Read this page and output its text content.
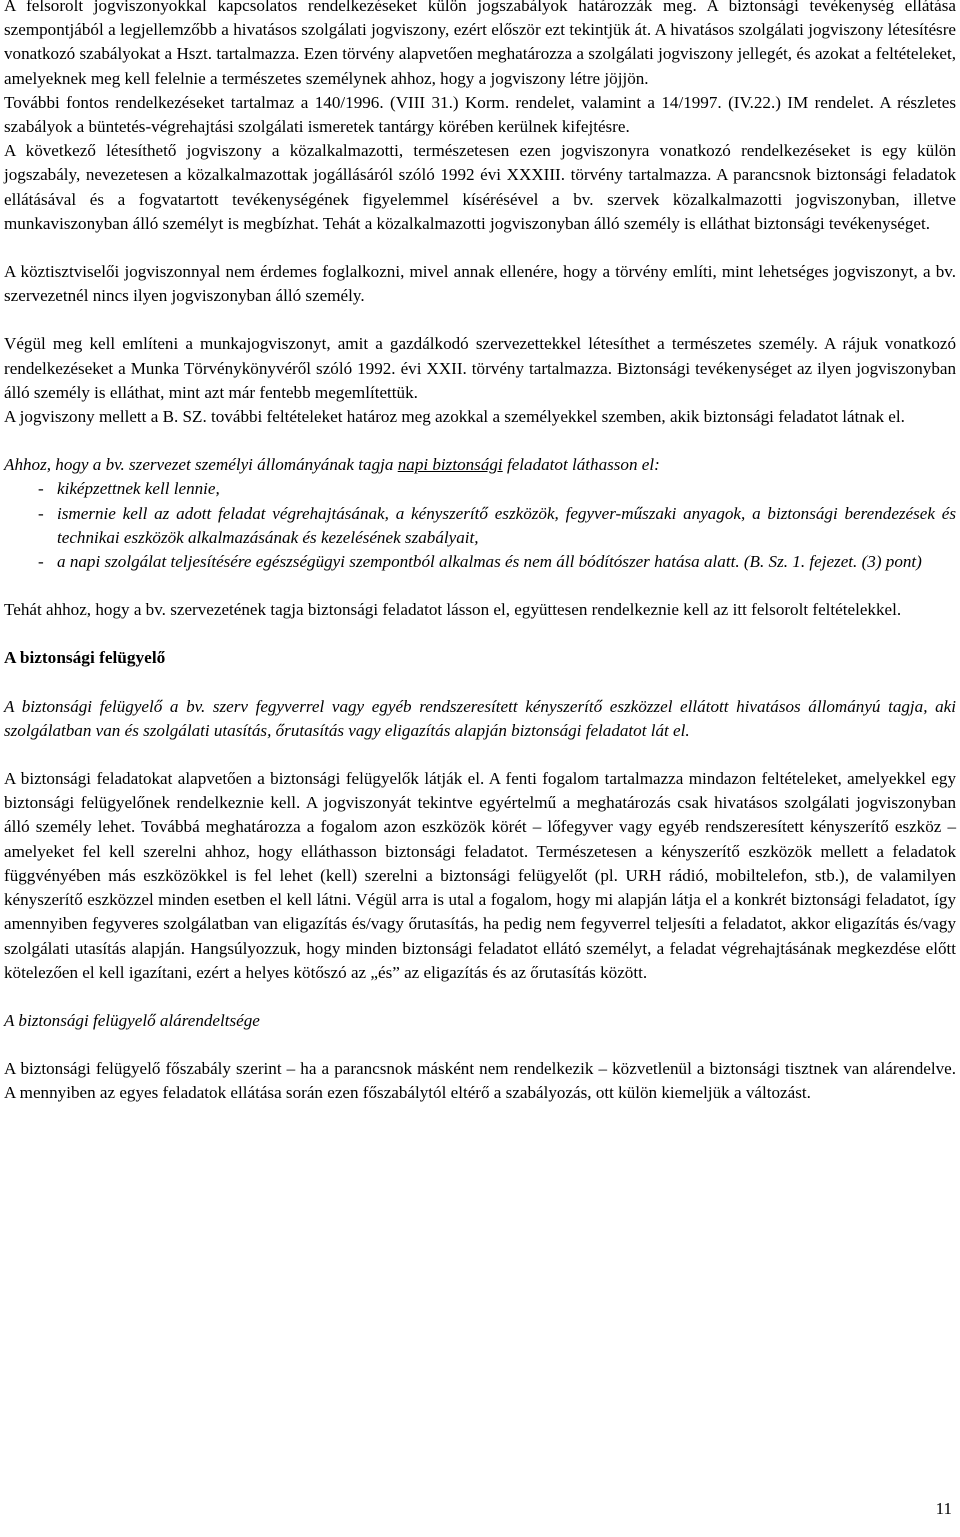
A felsorolt jogviszonyokkal kapcsolatos rendelkezéseket külön jogszabályok határozzák meg. A biztonsági tevékenység ellátása szempontjából a legjellemzőbb a hivatásos szolgálati jogviszony, ezért először ezt tekintjük át. A hivatásos szolgálati jogviszony létesítésre vonatkozó szabályokat a Hszt. tartalmazza. Ezen törvény alapvetően meghatározza a szolgálati jogviszony jellegét, és azokat a feltételeket, amelyeknek meg kell felelnie a természetes személynek ahhoz, hogy a jogviszony létre jöjjön.

További fontos rendelkezéseket tartalmaz a 140/1996. (VIII 31.) Korm. rendelet, valamint a 14/1997. (IV.22.) IM rendelet. A részletes szabályok a büntetés-végrehajtási szolgálati ismeretek tantárgy körében kerülnek kifejtésre.

A következő létesíthető jogviszony a közalkalmazotti, természetesen ezen jogviszonyra vonatkozó rendelkezéseket is egy külön jogszabály, nevezetesen a közalkalmazottak jogállásáról szóló 1992 évi XXXIII. törvény tartalmazza. A parancsnok biztonsági feladatok ellátásával és a fogvatartott tevékenységének figyelemmel kísérésével a bv. szervek közalkalmazotti jogviszonyban, illetve munkaviszonyban álló személyt is megbízhat. Tehát a közalkalmazotti jogviszonyban álló személy is elláthat biztonsági tevékenységet.

A köztisztviselői jogviszonnyal nem érdemes foglalkozni, mivel annak ellenére, hogy a törvény említi, mint lehetséges jogviszonyt, a bv. szervezetnél nincs ilyen jogviszonyban álló személy.

Végül meg kell említeni a munkajogviszonyt, amit a gazdálkodó szervezettekkel létesíthet a természetes személy. A rájuk vonatkozó rendelkezéseket a Munka Törvénykönyvéről szóló 1992. évi XXII. törvény tartalmazza. Biztonsági tevékenységet az ilyen jogviszonyban álló személy is elláthat, mint azt már fentebb megemlítettük.

A jogviszony mellett a B. SZ. további feltételeket határoz meg azokkal a személyekkel szemben, akik biztonsági feladatot látnak el.

Ahhoz, hogy a bv. szervezet személyi állományának tagja napi biztonsági feladatot láthasson el:

- kiképzettnek kell lennie,
- ismernie kell az adott feladat végrehajtásának, a kényszerítő eszközök, fegyver-műszaki anyagok, a biztonsági berendezések és technikai eszközök alkalmazásának és kezelésének szabályait,
- a napi szolgálat teljesítésére egészségügyi szempontból alkalmas és nem áll bódítószer hatása alatt. (B. Sz. 1. fejezet. (3) pont)

Tehát ahhoz, hogy a bv. szervezetének tagja biztonsági feladatot lásson el, együttesen rendelkeznie kell az itt felsorolt feltételekkel.

A biztonsági felügyelő

A biztonsági felügyelő a bv. szerv fegyverrel vagy egyéb rendszeresített kényszerítő eszközzel ellátott hivatásos állományú tagja, aki szolgálatban van és szolgálati utasítás, őrutasítás vagy eligazítás alapján biztonsági feladatot lát el.

A biztonsági feladatokat alapvetően a biztonsági felügyelők látják el. A fenti fogalom tartalmazza mindazon feltételeket, amelyekkel egy biztonsági felügyelőnek rendelkeznie kell. A jogviszonyát tekintve egyértelmű a meghatározás csak hivatásos szolgálati jogviszonyban álló személy lehet. Továbbá meghatározza a fogalom azon eszközök körét – lőfegyver vagy egyéb rendszeresített kényszerítő eszköz – amelyeket fel kell szerelni ahhoz, hogy elláthasson biztonsági feladatot. Természetesen a kényszerítő eszközök mellett a feladatok függvényében más eszközökkel is fel lehet (kell) szerelni a biztonsági felügyelőt (pl. URH rádió, mobiltelefon, stb.), de valamilyen kényszerítő eszközzel minden esetben el kell látni. Végül arra is utal a fogalom, hogy mi alapján látja el a konkrét biztonsági feladatot, így amennyiben fegyveres szolgálatban van eligazítás és/vagy őrutasítás, ha pedig nem fegyverrel teljesíti a feladatot, akkor eligazítás és/vagy szolgálati utasítás alapján. Hangsúlyozzuk, hogy minden biztonsági feladatot ellátó személyt, a feladat végrehajtásának megkezdése előtt kötelezően el kell igazítani, ezért a helyes kötőszó az „és” az eligazítás és az őrutasítás között.

A biztonsági felügyelő alárendeltsége

A biztonsági felügyelő főszabály szerint – ha a parancsnok másként nem rendelkezik – közvetlenül a biztonsági tisztnek van alárendelve. A mennyiben az egyes feladatok ellátása során ezen főszabálytól eltérő a szabályozás, ott külön kiemeljük a változást.

11
